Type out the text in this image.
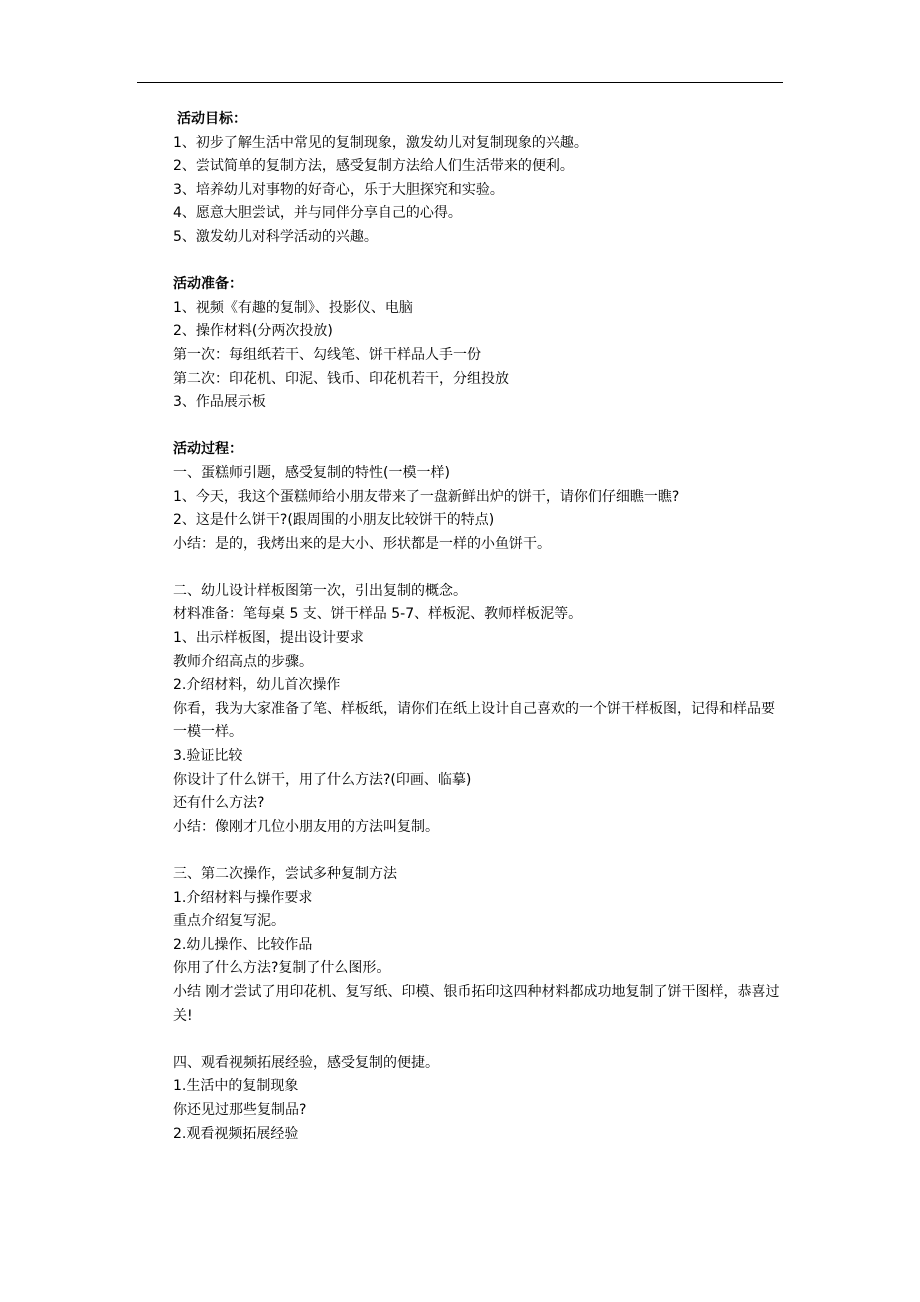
活动目标：

1、初步了解生活中常见的复制现象，激发幼儿对复制现象的兴趣。

2、尝试简单的复制方法，感受复制方法给人们生活带来的便利。

3、培养幼儿对事物的好奇心，乐于大胆探究和实验。

4、愿意大胆尝试，并与同伴分享自己的心得。

5、激发幼儿对科学活动的兴趣。

活动准备：

1、视频《有趣的复制》、投影仪、电脑

2、操作材料(分两次投放)

第一次：每组纸若干、勾线笔、饼干样品人手一份

第二次：印花机、印泥、钱币、印花机若干，分组投放

3、作品展示板

活动过程：

一、蛋糕师引题，感受复制的特性(一模一样)

1、今天，我这个蛋糕师给小朋友带来了一盘新鲜出炉的饼干，请你们仔细瞧一瞧?

2、这是什么饼干?(跟周围的小朋友比较饼干的特点)

小结：是的，我烤出来的是大小、形状都是一样的小鱼饼干。

二、幼儿设计样板图第一次，引出复制的概念。

材料准备：笔每桌 5 支、饼干样品 5-7、样板泥、教师样板泥等。

1、出示样板图，提出设计要求

教师介绍高点的步骤。

2.介绍材料，幼儿首次操作

你看，我为大家准备了笔、样板纸，请你们在纸上设计自己喜欢的一个饼干样板图，记得和样品要一模一样。

3.验证比较

你设计了什么饼干，用了什么方法?(印画、临摹)

还有什么方法?

小结：像刚才几位小朋友用的方法叫复制。

三、第二次操作，尝试多种复制方法

1.介绍材料与操作要求

重点介绍复写泥。

2.幼儿操作、比较作品

你用了什么方法?复制了什么图形。

小结 刚才尝试了用印花机、复写纸、印模、银币拓印这四种材料都成功地复制了饼干图样，恭喜过关!

四、观看视频拓展经验，感受复制的便捷。

1.生活中的复制现象

你还见过那些复制品?

2.观看视频拓展经验
